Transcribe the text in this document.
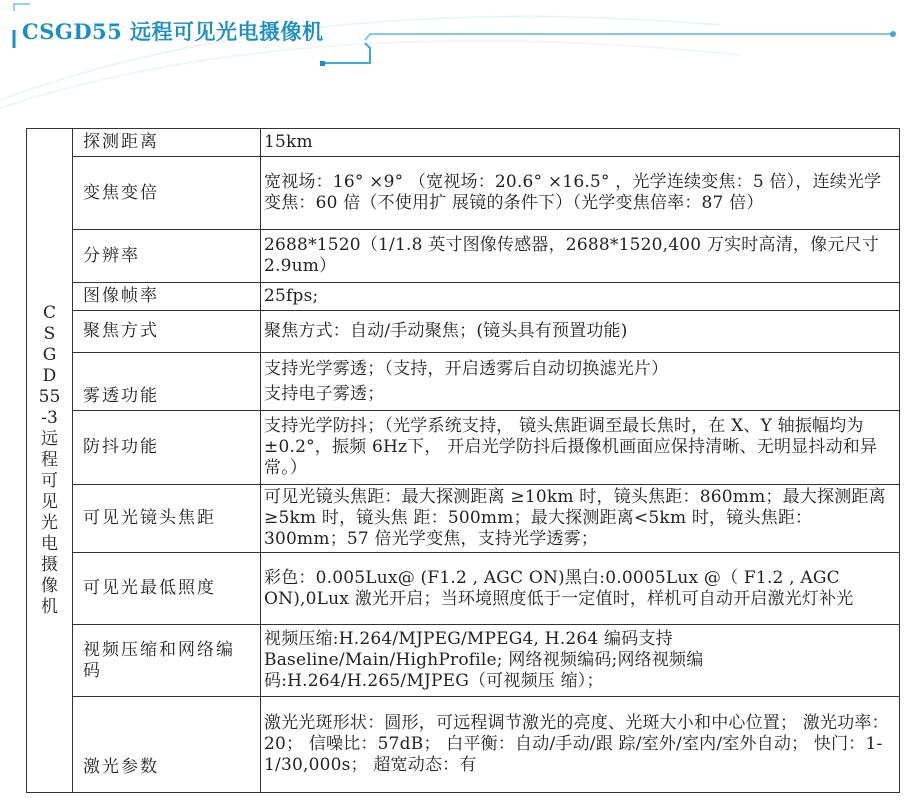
CSGD55 远程可见光电摄像机
CSGD55-3远程可见光电摄像机	探测距离	15km
	变焦变倍	宽视场：16° ×9° （宽视场：20.6° ×16.5° ，光学连续变焦：5 倍），连续光学变焦：60 倍（不使用扩 展镜的条件下）（光学变焦倍率：87 倍）
	分辨率	2688*1520（1/1.8 英寸图像传感器，2688*1520,400 万实时高清，像元尺寸2.9um）
	图像帧率	25fps;
	聚焦方式	聚焦方式：自动/手动聚焦；(镜头具有预置功能)
	雾透功能	支持光学雾透；（支持，开启透雾后自动切换滤光片）
支持电子雾透；

	防抖功能	支持光学防抖；（光学系统支持， 镜头焦距调至最长焦时，在 X、Y 轴振幅均为±0.2°，振频 6Hz下， 开启光学防抖后摄像机画面应保持清晰、无明显抖动和异常。）
	可见光镜头焦距	可见光镜头焦距：最大探测距离 ≥10km 时，镜头焦距：860mm；最大探测距离≥5km 时，镜头焦 距：500mm；最大探测距离<5km 时，镜头焦距：300mm；57 倍光学变焦，支持光学透雾；
	可见光最低照度	彩色：0.005Lux@ (F1.2 , AGC ON)黑白:0.0005Lux @（ F1.2 , AGC ON),0Lux 激光开启；当环境照度低于一定值时，样机可自动开启激光灯补光
	视频压缩和网络编 码	视频压缩:H.264/MJPEG/MPEG4, H.264 编码支持Baseline/Main/HighProfile; 网络视频编码;网络视频编码:H.264/H.265/MJPEG（可视频压 缩）；
	激光参数	激光光斑形状：圆形，可远程调节激光的亮度、光斑大小和中心位置； 激光功率：20； 信噪比：57dB； 白平衡：自动/手动/跟 踪/室外/室内/室外自动； 快门：1-1/30,000s； 超宽动态：有
